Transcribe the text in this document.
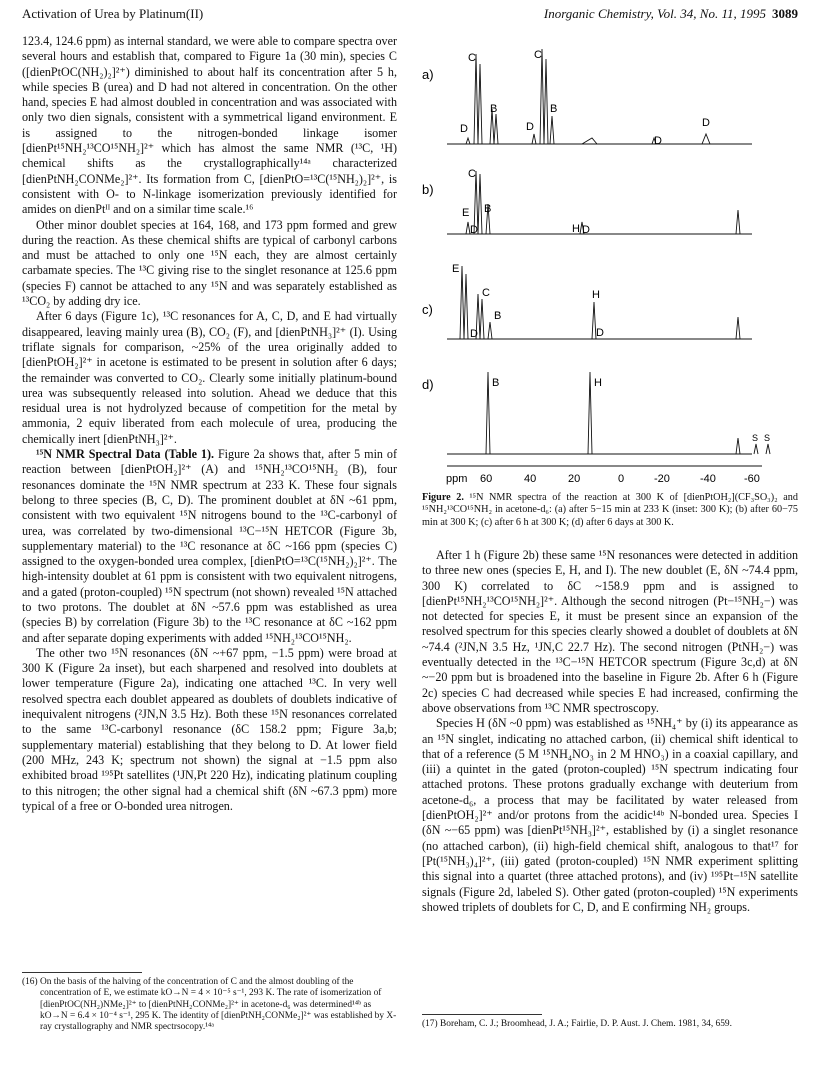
Activation of Urea by Platinum(II)	Inorganic Chemistry, Vol. 34, No. 11, 1995 3089

123.4, 124.6 ppm) as internal standard, we were able to compare spectra over several hours and establish that, compared to Figure 1a (30 min), species C ([dienPtOC(NH₂)₂]²⁺) diminished to about half its concentration after 5 h, while species B (urea) and D had not altered in concentration. On the other hand, species E had almost doubled in concentration and was associated with only two dien signals, consistent with a symmetrical ligand environment. E is assigned to the nitrogen-bonded linkage isomer [dienPt¹⁵NH₂¹³CO¹⁵NH₂]²⁺ which has almost the same NMR (¹³C, ¹H) chemical shifts as the crystallographically¹⁴ᵃ characterized [dienPtNH₂CONMe₂]²⁺. Its formation from C, [dienPtO=¹³C(¹⁵NH₂)₂]²⁺, is consistent with O- to N-linkage isomerization previously identified for amides on dienPtᴵᴵ and on a similar time scale.¹⁶

Other minor doublet species at 164, 168, and 173 ppm formed and grew during the reaction. As these chemical shifts are typical of carbonyl carbons and must be attached to only one ¹⁵N each, they are almost certainly carbamate species. The ¹³C giving rise to the singlet resonance at 125.6 ppm (species F) cannot be attached to any ¹⁵N and was separately established as ¹³CO₂ by adding dry ice.

After 6 days (Figure 1c), ¹³C resonances for A, C, D, and E had virtually disappeared, leaving mainly urea (B), CO₂ (F), and [dienPtNH₃]²⁺ (I). Using triflate signals for comparison, ~25% of the urea originally added to [dienPtOH₂]²⁺ in acetone is estimated to be present in solution after 6 days; the remainder was converted to CO₂. Clearly some initially platinum-bound urea was subsequently released into solution. Ahead we deduce that this residual urea is not hydrolyzed because of competition for the metal by ammonia, 2 equiv liberated from each molecule of urea, producing the chemically inert [dienPtNH₃]²⁺.

¹⁵N NMR Spectral Data (Table 1). Figure 2a shows that, after 5 min of reaction between [dienPtOH₂]²⁺ (A) and ¹⁵NH₂¹³CO¹⁵NH₂ (B), four resonances dominate the ¹⁵N NMR spectrum at 233 K. These four signals belong to three species (B, C, D). The prominent doublet at δN ~61 ppm, consistent with two equivalent ¹⁵N nitrogens bound to the ¹³C-carbonyl of urea, was correlated by two-dimensional ¹³C−¹⁵N HETCOR (Figure 3b, supplementary material) to the ¹³C resonance at δC ~166 ppm (species C) assigned to the oxygen-bonded urea complex, [dienPtO=¹³C(¹⁵NH₂)₂]²⁺. The high-intensity doublet at 61 ppm is consistent with two equivalent nitrogens, and a gated (proton-coupled) ¹⁵N spectrum (not shown) revealed ¹⁵N attached to two protons. The doublet at δN ~57.6 ppm was established as urea (species B) by correlation (Figure 3b) to the ¹³C resonance at δC ~162 ppm and after separate doping experiments with added ¹⁵NH₂¹³CO¹⁵NH₂.

The other two ¹⁵N resonances (δN ~+67 ppm, −1.5 ppm) were broad at 300 K (Figure 2a inset), but each sharpened and resolved into doublets at lower temperature (Figure 2a), indicating one attached ¹³C. In very well resolved spectra each doublet appeared as doublets of doublets indicative of inequivalent nitrogens (²JN,N 3.5 Hz). Both these ¹⁵N resonances correlated to the same ¹³C-carbonyl resonance (δC 158.2 ppm; Figure 3a,b; supplementary material) establishing that they belong to D. At lower field (200 MHz, 243 K; spectrum not shown) the signal at −1.5 ppm also exhibited broad ¹⁹⁵Pt satellites (¹JN,Pt 220 Hz), indicating platinum coupling to this nitrogen; the other signal had a chemical shift (δN ~67.3 ppm) more typical of a free or O-bonded urea nitrogen.

(16) On the basis of the halving of the concentration of C and the almost doubling of the concentration of E, we estimate kO→N = 4 × 10⁻⁵ s⁻¹, 293 K. The rate of isomerization of [dienPtOC(NH₂)NMe₂]²⁺ to [dienPtNH₂CONMe₂]²⁺ in acetone-d₆ was determined¹⁴ᵇ as kO→N = 6.4 × 10⁻⁴ s⁻¹, 295 K. The identity of [dienPtNH₂CONMe₂]²⁺ was established by X-ray crystallography and NMR spectrsocopy.¹⁴ᵃ

a)
b)
c)
d)
C	C
B
D
B
D	D
D
C
E B
D	H D
E
C
B
D
H
D
B	H
S S
ppm 60	40	20	0	-20	-40	-60
Figure 2. ¹⁵N NMR spectra of the reaction at 300 K of [dienPtOH₂](CF₃SO₃)₂ and ¹⁵NH₂¹³CO¹⁵NH₂ in acetone-d₆: (a) after 5−15 min at 233 K (inset: 300 K); (b) after 60−75 min at 300 K; (c) after 6 h at 300 K; (d) after 6 days at 300 K.

After 1 h (Figure 2b) these same ¹⁵N resonances were detected in addition to three new ones (species E, H, and I). The new doublet (E, δN ~74.4 ppm, 300 K) correlated to δC ~158.9 ppm and is assigned to [dienPt¹⁵NH₂¹³CO¹⁵NH₂]²⁺. Although the second nitrogen (Pt−¹⁵NH₂−) was not detected for species E, it must be present since an expansion of the resolved spectrum for this species clearly showed a doublet of doublets at δN ~74.4 (²JN,N 3.5 Hz, ¹JN,C 22.7 Hz). The second nitrogen (PtNH₂−) was eventually detected in the ¹³C−¹⁵N HETCOR spectrum (Figure 3c,d) at δN ~−20 ppm but is broadened into the baseline in Figure 2b. After 6 h (Figure 2c) species C had decreased while species E had increased, confirming the above observations from ¹³C NMR spectroscopy.

Species H (δN ~0 ppm) was established as ¹⁵NH₄⁺ by (i) its appearance as an ¹⁵N singlet, indicating no attached carbon, (ii) chemical shift identical to that of a reference (5 M ¹⁵NH₄NO₃ in 2 M HNO₃) in a coaxial capillary, and (iii) a quintet in the gated (proton-coupled) ¹⁵N spectrum indicating four attached protons. These protons gradually exchange with deuterium from acetone-d₆, a process that may be facilitated by water released from [dienPtOH₂]²⁺ and/or protons from the acidic¹⁴ᵇ N-bonded urea. Species I (δN ~−65 ppm) was [dienPt¹⁵NH₃]²⁺, established by (i) a singlet resonance (no attached carbon), (ii) high-field chemical shift, analogous to that¹⁷ for [Pt(¹⁵NH₃)₄]²⁺, (iii) gated (proton-coupled) ¹⁵N NMR experiment splitting this signal into a quartet (three attached protons), and (iv) ¹⁹⁵Pt−¹⁵N satellite signals (Figure 2d, labeled S). Other gated (proton-coupled) ¹⁵N experiments showed triplets of doublets for C, D, and E confirming NH₂ groups.

(17) Boreham, C. J.; Broomhead, J. A.; Fairlie, D. P. Aust. J. Chem. 1981, 34, 659.
